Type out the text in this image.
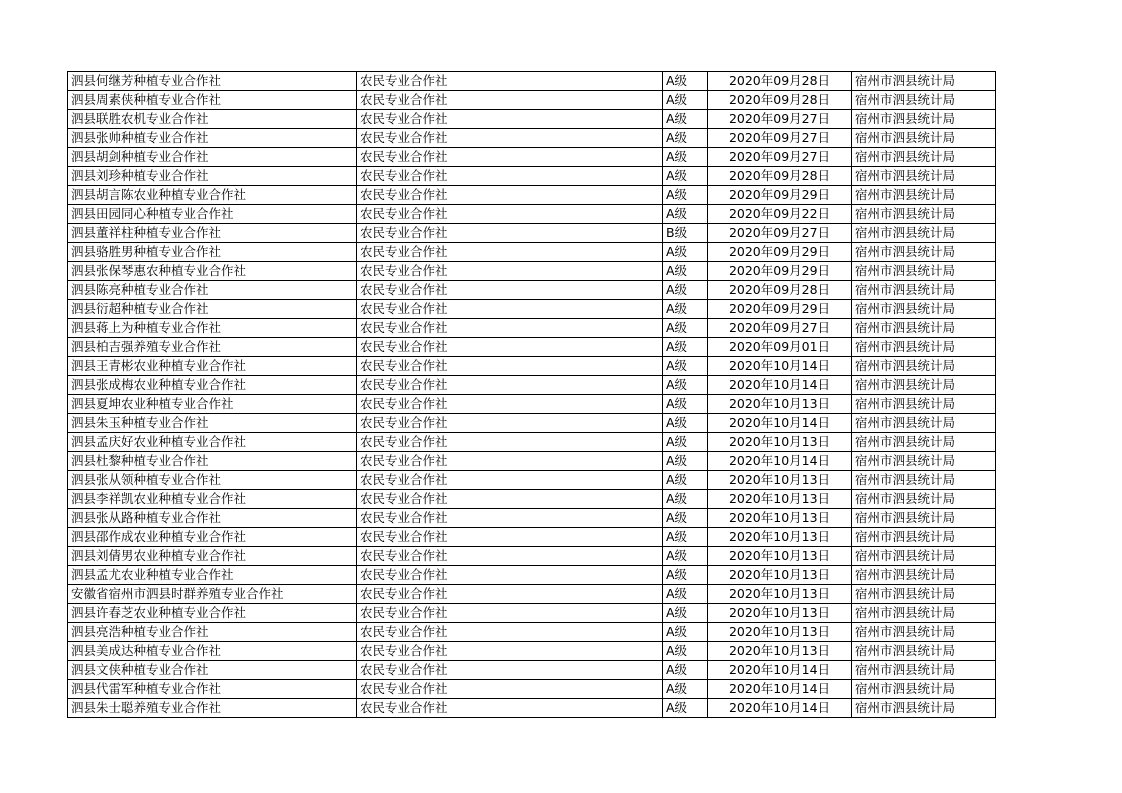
泗县何继芳种植专业合作社	农民专业合作社	A级	2020年09月28日	宿州市泗县统计局
泗县周素侠种植专业合作社	农民专业合作社	A级	2020年09月28日	宿州市泗县统计局
泗县联胜农机专业合作社	农民专业合作社	A级	2020年09月27日	宿州市泗县统计局
泗县张帅种植专业合作社	农民专业合作社	A级	2020年09月27日	宿州市泗县统计局
泗县胡剑种植专业合作社	农民专业合作社	A级	2020年09月27日	宿州市泗县统计局
泗县刘珍种植专业合作社	农民专业合作社	A级	2020年09月28日	宿州市泗县统计局
泗县胡言陈农业种植专业合作社	农民专业合作社	A级	2020年09月29日	宿州市泗县统计局
泗县田园同心种植专业合作社	农民专业合作社	A级	2020年09月22日	宿州市泗县统计局
泗县董祥柱种植专业合作社	农民专业合作社	B级	2020年09月27日	宿州市泗县统计局
泗县骆胜男种植专业合作社	农民专业合作社	A级	2020年09月29日	宿州市泗县统计局
泗县张保琴惠农种植专业合作社	农民专业合作社	A级	2020年09月29日	宿州市泗县统计局
泗县陈亮种植专业合作社	农民专业合作社	A级	2020年09月28日	宿州市泗县统计局
泗县衍超种植专业合作社	农民专业合作社	A级	2020年09月29日	宿州市泗县统计局
泗县蒋上为种植专业合作社	农民专业合作社	A级	2020年09月27日	宿州市泗县统计局
泗县柏吉强养殖专业合作社	农民专业合作社	A级	2020年09月01日	宿州市泗县统计局
泗县王青彬农业种植专业合作社	农民专业合作社	A级	2020年10月14日	宿州市泗县统计局
泗县张成梅农业种植专业合作社	农民专业合作社	A级	2020年10月14日	宿州市泗县统计局
泗县夏坤农业种植专业合作社	农民专业合作社	A级	2020年10月13日	宿州市泗县统计局
泗县朱玉种植专业合作社	农民专业合作社	A级	2020年10月14日	宿州市泗县统计局
泗县孟庆好农业种植专业合作社	农民专业合作社	A级	2020年10月13日	宿州市泗县统计局
泗县杜黎种植专业合作社	农民专业合作社	A级	2020年10月14日	宿州市泗县统计局
泗县张从领种植专业合作社	农民专业合作社	A级	2020年10月13日	宿州市泗县统计局
泗县李祥凯农业种植专业合作社	农民专业合作社	A级	2020年10月13日	宿州市泗县统计局
泗县张从路种植专业合作社	农民专业合作社	A级	2020年10月13日	宿州市泗县统计局
泗县邵作成农业种植专业合作社	农民专业合作社	A级	2020年10月13日	宿州市泗县统计局
泗县刘倩男农业种植专业合作社	农民专业合作社	A级	2020年10月13日	宿州市泗县统计局
泗县孟尤农业种植专业合作社	农民专业合作社	A级	2020年10月13日	宿州市泗县统计局
安徽省宿州市泗县时群养殖专业合作社	农民专业合作社	A级	2020年10月13日	宿州市泗县统计局
泗县许春芝农业种植专业合作社	农民专业合作社	A级	2020年10月13日	宿州市泗县统计局
泗县亮浩种植专业合作社	农民专业合作社	A级	2020年10月13日	宿州市泗县统计局
泗县美成达种植专业合作社	农民专业合作社	A级	2020年10月13日	宿州市泗县统计局
泗县文侠种植专业合作社	农民专业合作社	A级	2020年10月14日	宿州市泗县统计局
泗县代雷军种植专业合作社	农民专业合作社	A级	2020年10月14日	宿州市泗县统计局
泗县朱士聪养殖专业合作社	农民专业合作社	A级	2020年10月14日	宿州市泗县统计局
